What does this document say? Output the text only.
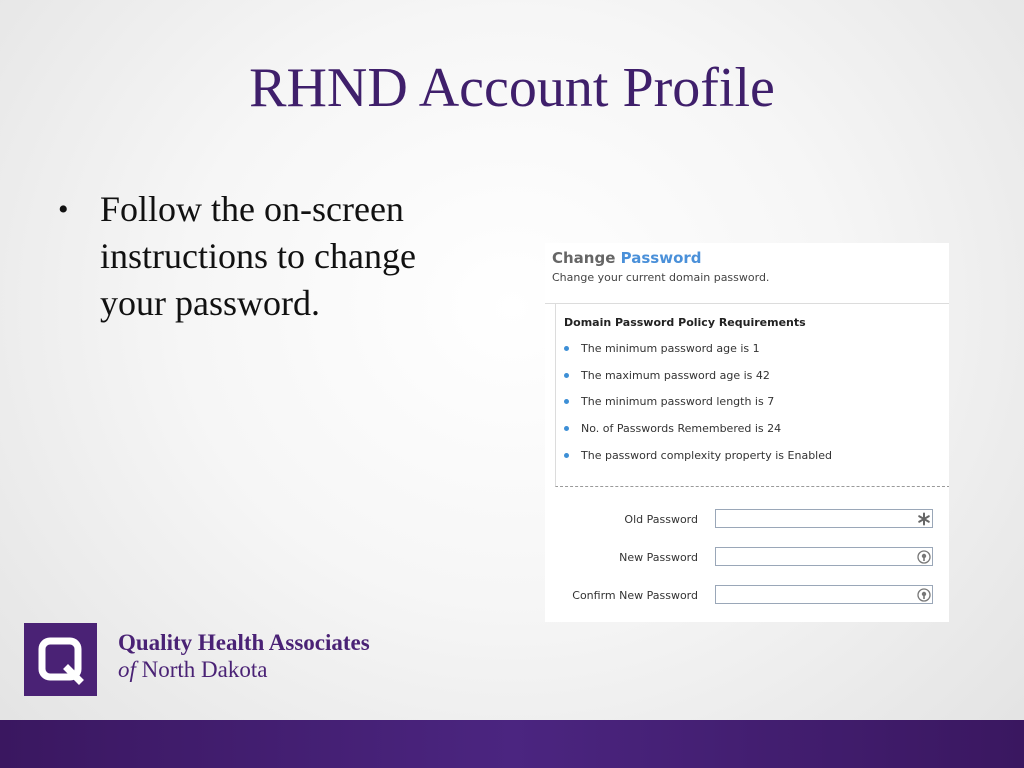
RHND Account Profile
• Follow the on-screen instructions to change your password.
Change Password
Change your current domain password.
Domain Password Policy Requirements
The minimum password age is 1
The maximum password age is 42
The minimum password length is 7
No. of Passwords Remembered is 24
The password complexity property is Enabled
Old Password
New Password
Confirm New Password
Quality Health Associates
of North Dakota
